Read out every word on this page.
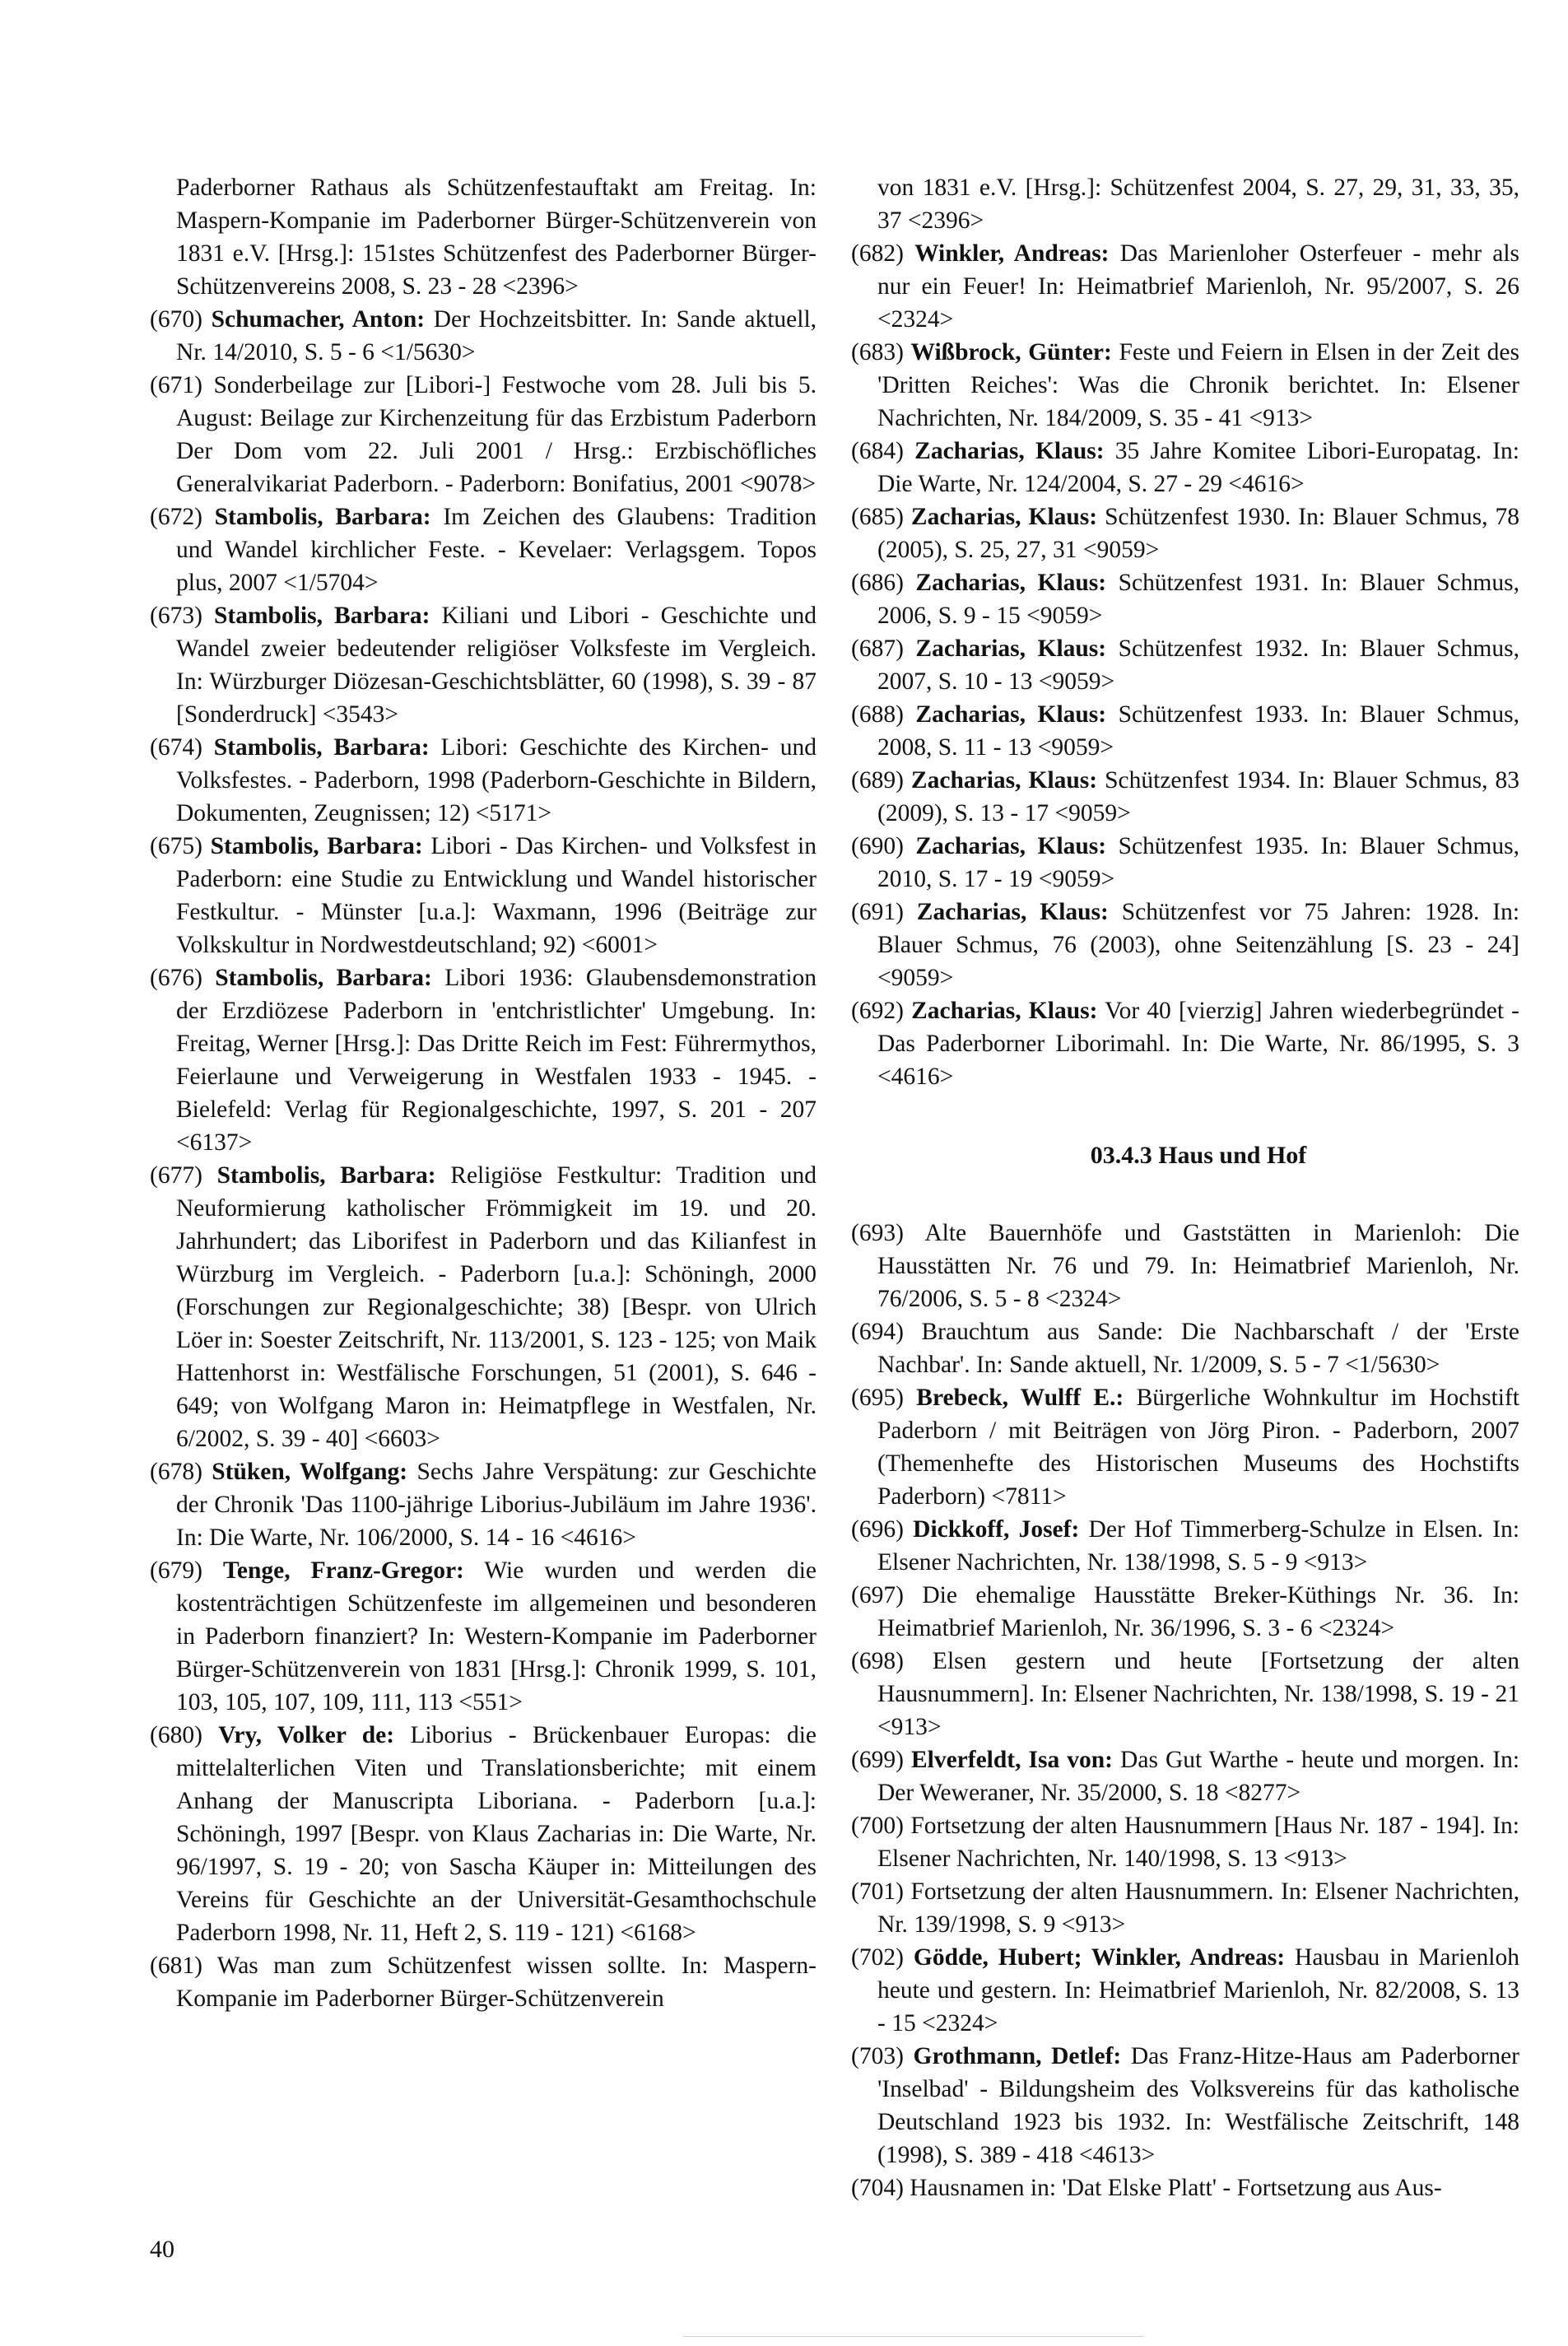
Paderborner Rathaus als Schützenfestauftakt am Freitag. In: Maspern-Kompanie im Paderborner Bürger-Schützenverein von 1831 e.V. [Hrsg.]: 151stes Schützenfest des Paderborner Bürger-Schützenvereins 2008, S. 23 - 28 <2396>

(670) Schumacher, Anton: Der Hochzeitsbitter. In: Sande aktuell, Nr. 14/2010, S. 5 - 6 <1/5630>

(671) Sonderbeilage zur [Libori-] Festwoche vom 28. Juli bis 5. August: Beilage zur Kirchenzeitung für das Erzbistum Paderborn Der Dom vom 22. Juli 2001 / Hrsg.: Erzbischöfliches Generalvikariat Paderborn. - Paderborn: Bonifatius, 2001 <9078>

(672) Stambolis, Barbara: Im Zeichen des Glaubens: Tradition und Wandel kirchlicher Feste. - Kevelaer: Verlagsgem. Topos plus, 2007 <1/5704>

(673) Stambolis, Barbara: Kiliani und Libori - Geschichte und Wandel zweier bedeutender religiöser Volksfeste im Vergleich. In: Würzburger Diözesan-Geschichtsblätter, 60 (1998), S. 39 - 87 [Sonderdruck] <3543>

(674) Stambolis, Barbara: Libori: Geschichte des Kirchen- und Volksfestes. - Paderborn, 1998 (Paderborn-Geschichte in Bildern, Dokumenten, Zeugnissen; 12) <5171>

(675) Stambolis, Barbara: Libori - Das Kirchen- und Volksfest in Paderborn: eine Studie zu Entwicklung und Wandel historischer Festkultur. - Münster [u.a.]: Waxmann, 1996 (Beiträge zur Volkskultur in Nordwestdeutschland; 92) <6001>

(676) Stambolis, Barbara: Libori 1936: Glaubensdemonstration der Erzdiözese Paderborn in 'entchristlichter' Umgebung. In: Freitag, Werner [Hrsg.]: Das Dritte Reich im Fest: Führermythos, Feierlaune und Verweigerung in Westfalen 1933 - 1945. - Bielefeld: Verlag für Regionalgeschichte, 1997, S. 201 - 207 <6137>

(677) Stambolis, Barbara: Religiöse Festkultur: Tradition und Neuformierung katholischer Frömmigkeit im 19. und 20. Jahrhundert; das Liborifest in Paderborn und das Kilianfest in Würzburg im Vergleich. - Paderborn [u.a.]: Schöningh, 2000 (Forschungen zur Regionalgeschichte; 38) [Bespr. von Ulrich Löer in: Soester Zeitschrift, Nr. 113/2001, S. 123 - 125; von Maik Hattenhorst in: Westfälische Forschungen, 51 (2001), S. 646 - 649; von Wolfgang Maron in: Heimatpflege in Westfalen, Nr. 6/2002, S. 39 - 40] <6603>

(678) Stüken, Wolfgang: Sechs Jahre Verspätung: zur Geschichte der Chronik 'Das 1100-jährige Liborius-Jubiläum im Jahre 1936'. In: Die Warte, Nr. 106/2000, S. 14 - 16 <4616>

(679) Tenge, Franz-Gregor: Wie wurden und werden die kostenträchtigen Schützenfeste im allgemeinen und besonderen in Paderborn finanziert? In: Western-Kompanie im Paderborner Bürger-Schützenverein von 1831 [Hrsg.]: Chronik 1999, S. 101, 103, 105, 107, 109, 111, 113 <551>

(680) Vry, Volker de: Liborius - Brückenbauer Europas: die mittelalterlichen Viten und Translationsberichte; mit einem Anhang der Manuscripta Liboriana. - Paderborn [u.a.]: Schöningh, 1997 [Bespr. von Klaus Zacharias in: Die Warte, Nr. 96/1997, S. 19 - 20; von Sascha Käuper in: Mitteilungen des Vereins für Geschichte an der Universität-Gesamthochschule Paderborn 1998, Nr. 11, Heft 2, S. 119 - 121) <6168>

(681) Was man zum Schützenfest wissen sollte. In: Maspern-Kompanie im Paderborner Bürger-Schützenverein

von 1831 e.V. [Hrsg.]: Schützenfest 2004, S. 27, 29, 31, 33, 35, 37 <2396>

(682) Winkler, Andreas: Das Marienloher Osterfeuer - mehr als nur ein Feuer! In: Heimatbrief Marienloh, Nr. 95/2007, S. 26 <2324>

(683) Wißbrock, Günter: Feste und Feiern in Elsen in der Zeit des 'Dritten Reiches': Was die Chronik berichtet. In: Elsener Nachrichten, Nr. 184/2009, S. 35 - 41 <913>

(684) Zacharias, Klaus: 35 Jahre Komitee Libori-Europatag. In: Die Warte, Nr. 124/2004, S. 27 - 29 <4616>

(685) Zacharias, Klaus: Schützenfest 1930. In: Blauer Schmus, 78 (2005), S. 25, 27, 31 <9059>

(686) Zacharias, Klaus: Schützenfest 1931. In: Blauer Schmus, 2006, S. 9 - 15 <9059>

(687) Zacharias, Klaus: Schützenfest 1932. In: Blauer Schmus, 2007, S. 10 - 13 <9059>

(688) Zacharias, Klaus: Schützenfest 1933. In: Blauer Schmus, 2008, S. 11 - 13 <9059>

(689) Zacharias, Klaus: Schützenfest 1934. In: Blauer Schmus, 83 (2009), S. 13 - 17 <9059>

(690) Zacharias, Klaus: Schützenfest 1935. In: Blauer Schmus, 2010, S. 17 - 19 <9059>

(691) Zacharias, Klaus: Schützenfest vor 75 Jahren: 1928. In: Blauer Schmus, 76 (2003), ohne Seitenzählung [S. 23 - 24] <9059>

(692) Zacharias, Klaus: Vor 40 [vierzig] Jahren wiederbegründet - Das Paderborner Liborimahl. In: Die Warte, Nr. 86/1995, S. 3 <4616>

03.4.3 Haus und Hof

(693) Alte Bauernhöfe und Gaststätten in Marienloh: Die Hausstätten Nr. 76 und 79. In: Heimatbrief Marienloh, Nr. 76/2006, S. 5 - 8 <2324>

(694) Brauchtum aus Sande: Die Nachbarschaft / der 'Erste Nachbar'. In: Sande aktuell, Nr. 1/2009, S. 5 - 7 <1/5630>

(695) Brebeck, Wulff E.: Bürgerliche Wohnkultur im Hochstift Paderborn / mit Beiträgen von Jörg Piron. - Paderborn, 2007 (Themenhefte des Historischen Museums des Hochstifts Paderborn) <7811>

(696) Dickkoff, Josef: Der Hof Timmerberg-Schulze in Elsen. In: Elsener Nachrichten, Nr. 138/1998, S. 5 - 9 <913>

(697) Die ehemalige Hausstätte Breker-Küthings Nr. 36. In: Heimatbrief Marienloh, Nr. 36/1996, S. 3 - 6 <2324>

(698) Elsen gestern und heute [Fortsetzung der alten Hausnummern]. In: Elsener Nachrichten, Nr. 138/1998, S. 19 - 21 <913>

(699) Elverfeldt, Isa von: Das Gut Warthe - heute und morgen. In: Der Weweraner, Nr. 35/2000, S. 18 <8277>

(700) Fortsetzung der alten Hausnummern [Haus Nr. 187 - 194]. In: Elsener Nachrichten, Nr. 140/1998, S. 13 <913>

(701) Fortsetzung der alten Hausnummern. In: Elsener Nachrichten, Nr. 139/1998, S. 9 <913>

(702) Gödde, Hubert; Winkler, Andreas: Hausbau in Marienloh heute und gestern. In: Heimatbrief Marienloh, Nr. 82/2008, S. 13 - 15 <2324>

(703) Grothmann, Detlef: Das Franz-Hitze-Haus am Paderborner 'Inselbad' - Bildungsheim des Volksvereins für das katholische Deutschland 1923 bis 1932. In: Westfälische Zeitschrift, 148 (1998), S. 389 - 418 <4613>

(704) Hausnamen in: 'Dat Elske Platt' - Fortsetzung aus Aus-

40
